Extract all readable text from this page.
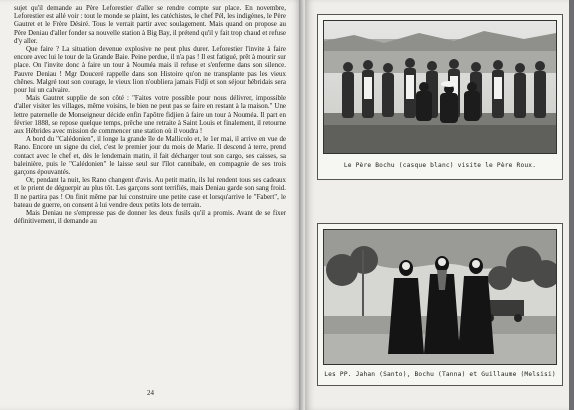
sujet qu'il demande au Père Leforestier d'aller se rendre compte sur place. En novembre, Leforestier est allé voir : tout le monde se plaint, les catéchistes, le chef Pél, les indigènes, le Père Gautret et le Frère Désiré. Tous le verrait partir avec soulagement. Mais quand on propose au Père Deniau d'aller fonder sa nouvelle station à Big Bay, il prétend qu'il y fait trop chaud et refuse d'y aller.

Que faire ? La situation devenue explosive ne peut plus durer. Leforestier l'invite à faire encore avec lui le tour de la Grande Baie. Peine perdue, il n'a pas ! Il est fatigué, prêt à mourir sur place. On l'invite donc à faire un tour à Nouméa mais il refuse et s'enferme dans son silence. Pauvre Deniau ! Mgr Douceré rappelle dans son Histoire qu'on ne transplante pas les vieux chênes. Malgré tout son courage, le vieux lion n'oubliera jamais Fidji et son séjour hébridais sera pour lui un calvaire.

Mais Gautret supplie de son côté : "Faites votre possible pour nous délivrer, impossible d'aller visiter les villages, même voisins, le bien ne peut pas se faire en restant à la maison." Une lettre paternelle de Monseigneur décide enfin l'apôtre fidjien à faire un tour à Nouméa. Il part en février 1888, se repose quelque temps, prêche une retraite à Saint Louis et finalement, il retourne aux Hébrides avec mission de commencer une station où il voudra !

A bord du "Calédonien", il longe la grande île de Mallicolo et, le 1er mai, il arrive en vue de Rano. Encore un signe du ciel, c'est le premier jour du mois de Marie. Il descend à terre, prend contact avec le chef et, dès le lendemain matin, il fait décharger tout son cargo, ses caisses, sa baleinière, puis le "Calédonien" le laisse seul sur l'îlot cannibale, en compagnie de ses trois garçons épouvantés.

Or, pendant la nuit, les Rano changent d'avis. Au petit matin, ils lui rendent tous ses cadeaux et le prient de déguerpir au plus tôt. Les garçons sont terrifiés, mais Deniau garde son sang froid. Il ne partira pas ! On finit même par lui construire une petite case et lorsqu'arrive le "Fabert", le bateau de guerre, on consent à lui vendre deux petits lots de terrain.

Mais Deniau ne s'empresse pas de donner les deux fusils qu'il a promis. Avant de se fixer définitivement, il demande au

24
Le Père Bochu (casque blanc) visite le Père Roux.
Les PP. Jahan (Santo), Bochu (Tanna) et Guillaume (Melsisi)
